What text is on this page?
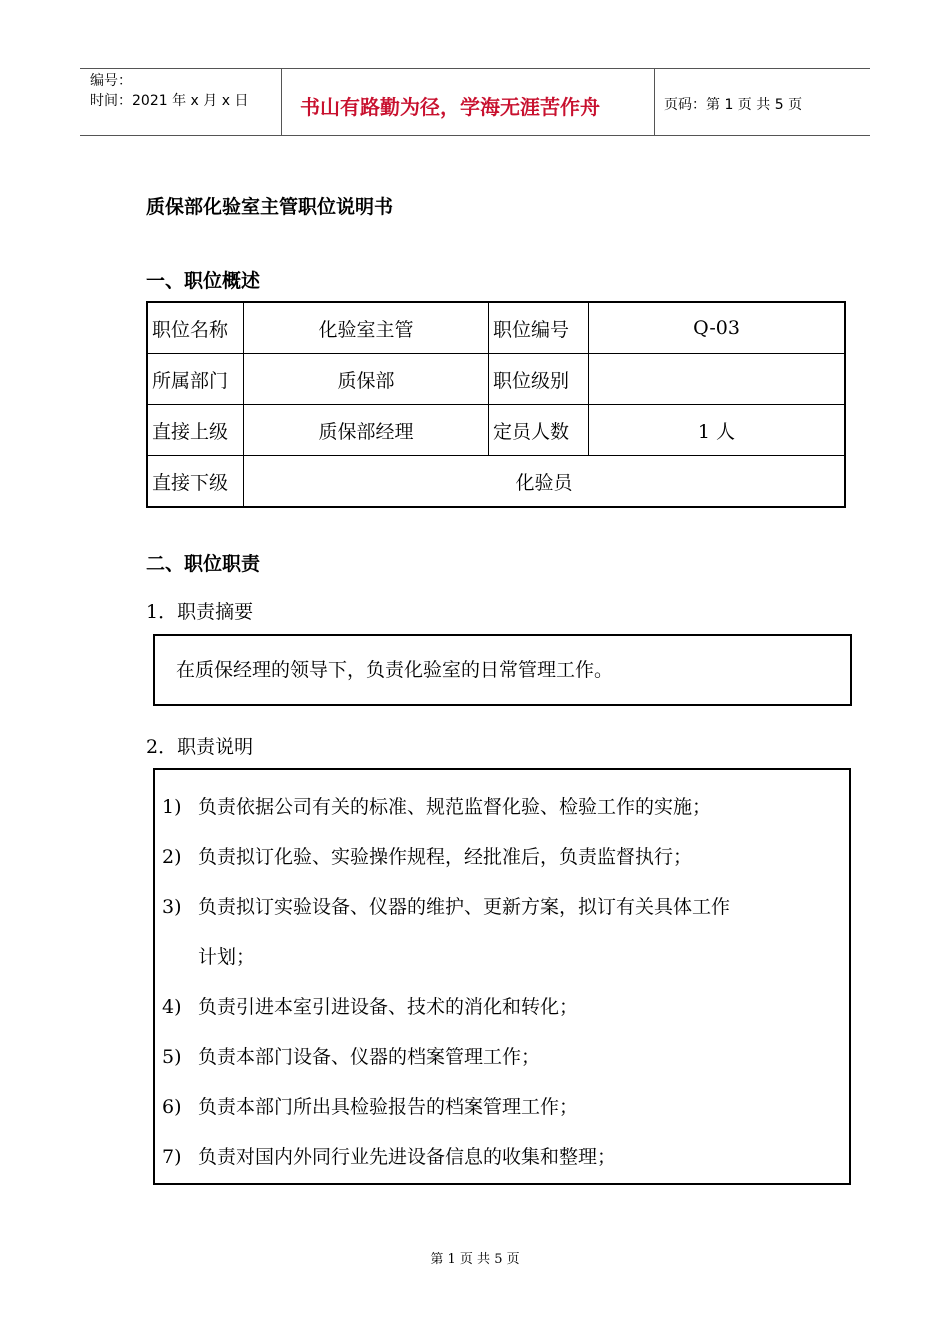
编号：
时间：2021 年 x 月 x 日	书山有路勤为径，学海无涯苦作舟	页码：第 1 页 共 5 页
质保部化验室主管职位说明书
一、职位概述
职位名称	化验室主管	职位编号	Q-03
所属部门	质保部	职位级别	
直接上级	质保部经理	定员人数	1 人
直接下级	化验员		
二、职位职责
1．职责摘要
在质保经理的领导下，负责化验室的日常管理工作。
2．职责说明
1) 负责依据公司有关的标准、规范监督化验、检验工作的实施；
2) 负责拟订化验、实验操作规程，经批准后，负责监督执行；
3) 负责拟订实验设备、仪器的维护、更新方案，拟订有关具体工作
计划；
4) 负责引进本室引进设备、技术的消化和转化；
5) 负责本部门设备、仪器的档案管理工作；
6) 负责本部门所出具检验报告的档案管理工作；
7) 负责对国内外同行业先进设备信息的收集和整理；
第 1 页 共 5 页
